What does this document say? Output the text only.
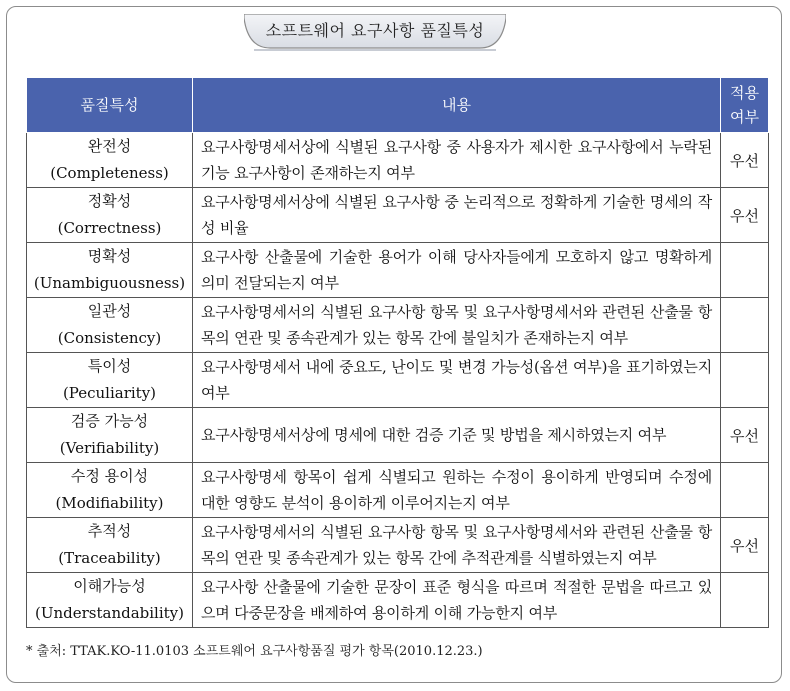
소프트웨어 요구사항 품질특성
품질특성	내용	적용
여부

완전성
(Completeness)	요구사항명세서상에 식별된 요구사항 중 사용자가 제시한 요구사항에서 누락된 기능 요구사항이 존재하는지 여부	우선

정확성
(Correctness)	요구사항명세서상에 식별된 요구사항 중 논리적으로 정확하게 기술한 명세의 작성 비율	우선

명확성
(Unambiguousness)	요구사항 산출물에 기술한 용어가 이해 당사자들에게 모호하지 않고 명확하게 의미 전달되는지 여부	

일관성
(Consistency)	요구사항명세서의 식별된 요구사항 항목 및 요구사항명세서와 관련된 산출물 항목의 연관 및 종속관계가 있는 항목 간에 불일치가 존재하는지 여부	

특이성
(Peculiarity)	요구사항명세서 내에 중요도, 난이도 및 변경 가능성(옵션 여부)을 표기하였는지 여부	

검증 가능성
(Verifiability)	요구사항명세서상에 명세에 대한 검증 기준 및 방법을 제시하였는지 여부	우선

수정 용이성
(Modifiability)	요구사항명세 항목이 쉽게 식별되고 원하는 수정이 용이하게 반영되며 수정에 대한 영향도 분석이 용이하게 이루어지는지 여부	

추적성
(Traceability)	요구사항명세서의 식별된 요구사항 항목 및 요구사항명세서와 관련된 산출물 항목의 연관 및 종속관계가 있는 항목 간에 추적관계를 식별하였는지 여부	우선

이해가능성
(Understandability)	요구사항 산출물에 기술한 문장이 표준 형식을 따르며 적절한 문법을 따르고 있으며 다중문장을 배제하여 용이하게 이해 가능한지 여부	
* 출처: TTAK.KO-11.0103 소프트웨어 요구사항품질 평가 항목(2010.12.23.)
